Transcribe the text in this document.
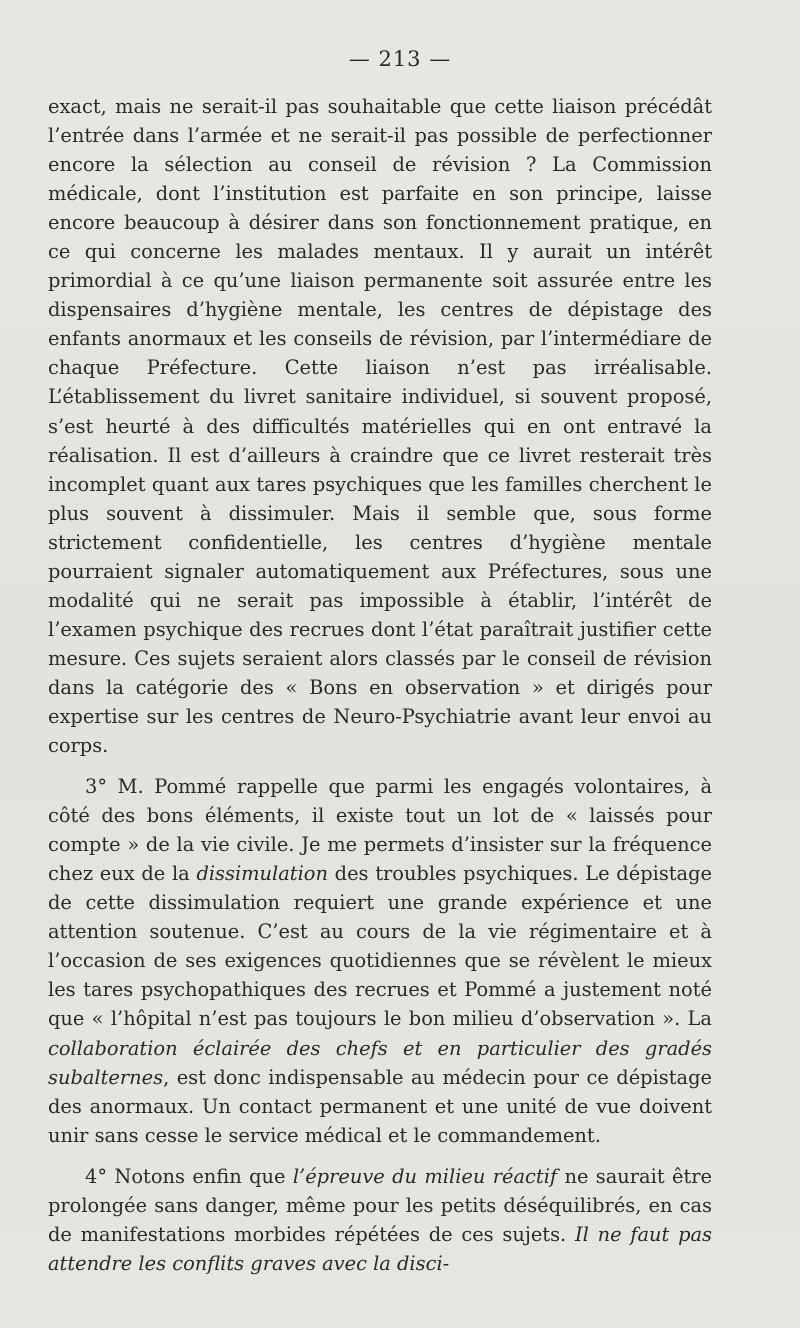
— 213 —

exact, mais ne serait-il pas souhaitable que cette liaison précédât l’entrée dans l’armée et ne serait-il pas possible de perfectionner encore la sélection au conseil de révision ? La Commission médicale, dont l’institution est parfaite en son principe, laisse encore beaucoup à désirer dans son fonctionnement pratique, en ce qui concerne les malades mentaux. Il y aurait un intérêt primordial à ce qu’une liaison permanente soit assurée entre les dispensaires d’hygiène mentale, les centres de dépistage des enfants anormaux et les conseils de révision, par l’intermédiare de chaque Préfecture. Cette liaison n’est pas irréalisable. L’établissement du livret sanitaire individuel, si souvent proposé, s’est heurté à des difficultés matérielles qui en ont entravé la réalisation. Il est d’ailleurs à craindre que ce livret resterait très incomplet quant aux tares psychiques que les familles cherchent le plus souvent à dissimuler. Mais il semble que, sous forme strictement confidentielle, les centres d’hygiène mentale pourraient signaler automatiquement aux Préfectures, sous une modalité qui ne serait pas impossible à établir, l’intérêt de l’examen psychique des recrues dont l’état paraîtrait justifier cette mesure. Ces sujets seraient alors classés par le conseil de révision dans la catégorie des « Bons en observation » et dirigés pour expertise sur les centres de Neuro-Psychiatrie avant leur envoi au corps.

3° M. Pommé rappelle que parmi les engagés volontaires, à côté des bons éléments, il existe tout un lot de « laissés pour compte » de la vie civile. Je me permets d’insister sur la fréquence chez eux de la dissimulation des troubles psychiques. Le dépistage de cette dissimulation requiert une grande expérience et une attention soutenue. C’est au cours de la vie régimentaire et à l’occasion de ses exigences quotidiennes que se révèlent le mieux les tares psychopathiques des recrues et Pommé a justement noté que « l’hôpital n’est pas toujours le bon milieu d’observation ». La collaboration éclairée des chefs et en particulier des gradés subalternes, est donc indispensable au médecin pour ce dépistage des anormaux. Un contact permanent et une unité de vue doivent unir sans cesse le service médical et le commandement.

4° Notons enfin que l’épreuve du milieu réactif ne saurait être prolongée sans danger, même pour les petits déséquilibrés, en cas de manifestations morbides répétées de ces sujets. Il ne faut pas attendre les conflits graves avec la disci-
